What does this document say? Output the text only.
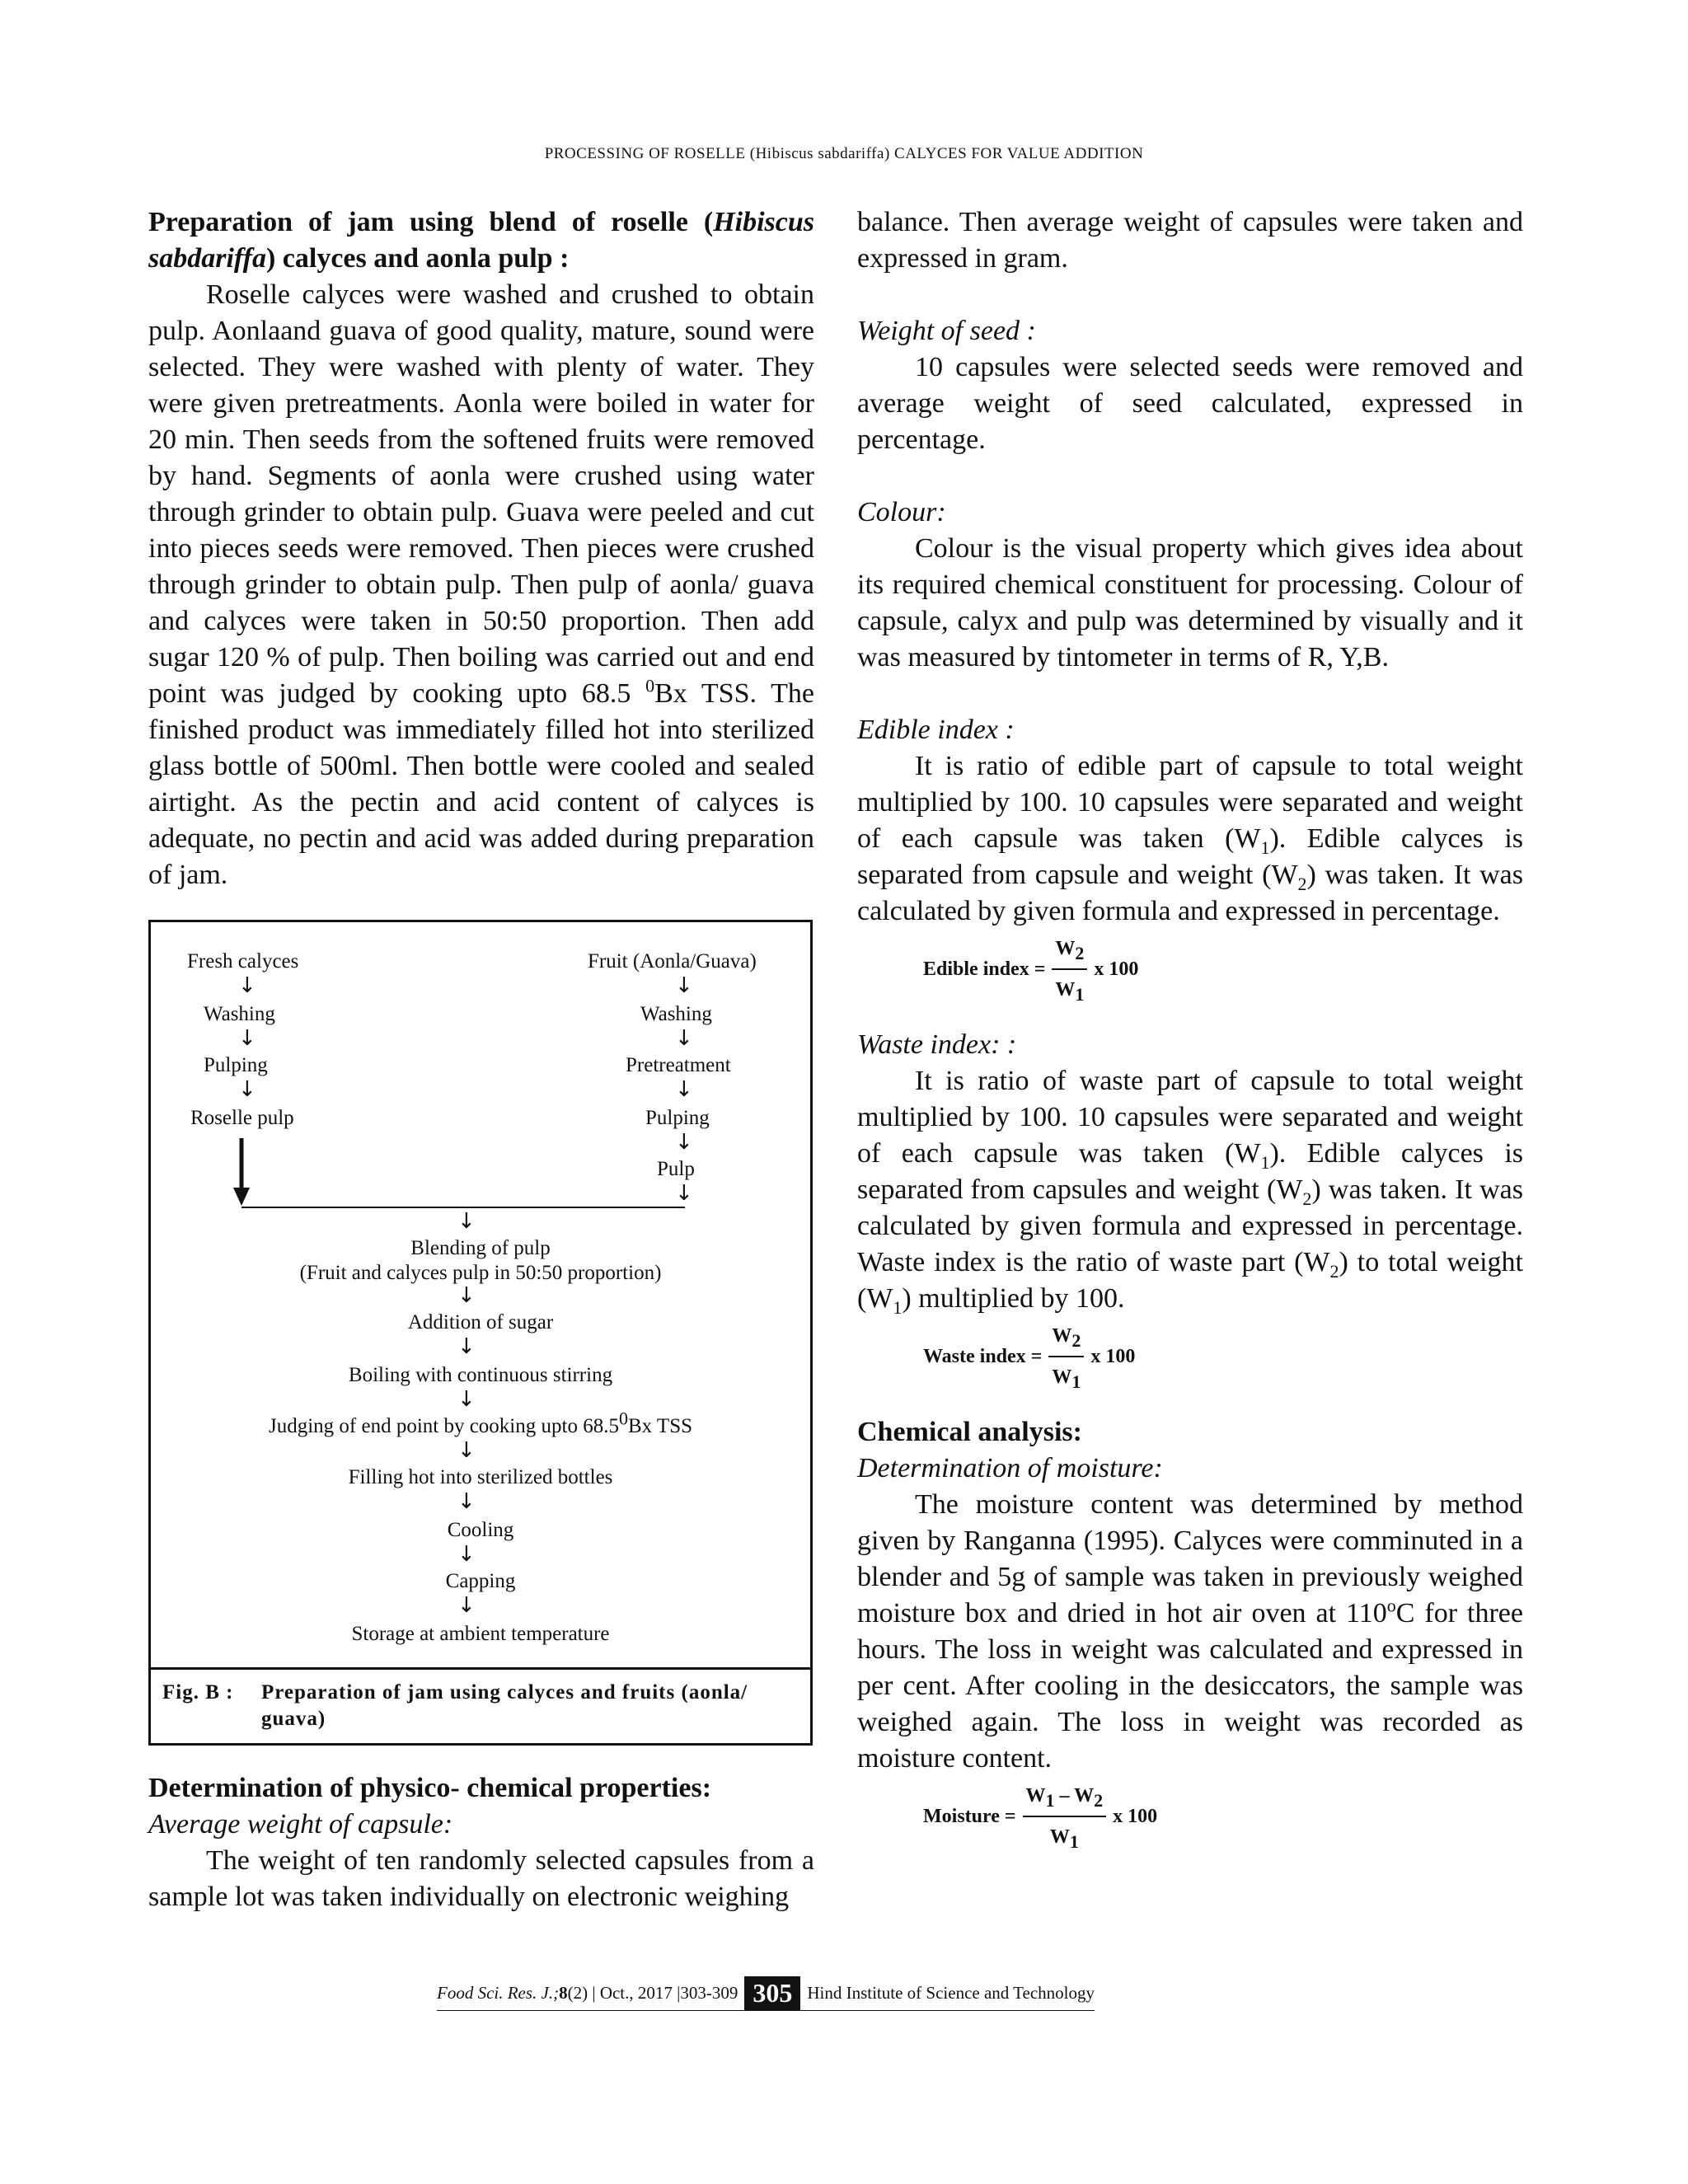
PROCESSING OF ROSELLE (Hibiscus sabdariffa) CALYCES FOR VALUE ADDITION

Preparation of jam using blend of roselle (Hibiscus sabdariffa) calyces and aonla pulp :

Roselle calyces were washed and crushed to obtain pulp. Aonlaand guava of good quality, mature, sound were selected. They were washed with plenty of water. They were given pretreatments. Aonla were boiled in water for 20 min. Then seeds from the softened fruits were removed by hand. Segments of aonla were crushed using water through grinder to obtain pulp. Guava were peeled and cut into pieces seeds were removed. Then pieces were crushed through grinder to obtain pulp. Then pulp of aonla/ guava and calyces were taken in 50:50 proportion. Then add sugar 120 % of pulp. Then boiling was carried out and end point was judged by cooking upto 68.5 $^0$Bx TSS. The finished product was immediately filled hot into sterilized glass bottle of 500ml. Then bottle were cooled and sealed airtight. As the pectin and acid content of calyces is adequate, no pectin and acid was added during preparation of jam.

Fresh calyces
↓
Washing
↓
Pulping
↓
Roselle pulp
Fruit (Aonla/Guava)
↓
Washing
↓
Pretreatment
↓
Pulping
↓
Pulp
↓
↓
Blending of pulp
(Fruit and calyces pulp in 50:50 proportion)
↓
Addition of sugar
↓
Boiling with continuous stirring
↓
Judging of end point by cooking upto 68.5$^0$Bx TSS
↓
Filling hot into sterilized bottles
↓
Cooling
↓
Capping
↓
Storage at ambient temperature
Fig. B : Preparation of jam using calyces and fruits (aonla/ guava)

Determination of physico- chemical properties:

Average weight of capsule:

The weight of ten randomly selected capsules from a sample lot was taken individually on electronic weighing

balance. Then average weight of capsules were taken and expressed in gram.

Weight of seed :

10 capsules were selected seeds were removed and average weight of seed calculated, expressed in percentage.

Colour:

Colour is the visual property which gives idea about its required chemical constituent for processing. Colour of capsule, calyx and pulp was determined by visually and it was measured by tintometer in terms of R, Y,B.

Edible index :

It is ratio of edible part of capsule to total weight multiplied by 100. 10 capsules were separated and weight of each capsule was taken $(W_1)$. Edible calyces is separated from capsule and weight $(W_2)$ was taken. It was calculated by given formula and expressed in percentage.

Edible index = $\frac{W_2}{W_1}$ x 100

Waste index: :

It is ratio of waste part of capsule to total weight multiplied by 100. 10 capsules were separated and weight of each capsule was taken $(W_1)$. Edible calyces is separated from capsules and weight $(W_2)$ was taken. It was calculated by given formula and expressed in percentage. Waste index is the ratio of waste part $(W_2)$ to total weight $(W_1)$ multiplied by 100.

Waste index = $\frac{W_2}{W_1}$ x 100

Chemical analysis:

Determination of moisture:

The moisture content was determined by method given by Ranganna (1995). Calyces were comminuted in a blender and 5g of sample was taken in previously weighed moisture box and dried in hot air oven at 110$^o$C for three hours. The loss in weight was calculated and expressed in per cent. After cooling in the desiccators, the sample was weighed again. The loss in weight was recorded as moisture content.

Moisture = $\frac{W_1 - W_2}{W_1}$ x 100
Food Sci. Res. J.; 8 (2) | Oct., 2017 |303-309 305 Hind Institute of Science and Technology
